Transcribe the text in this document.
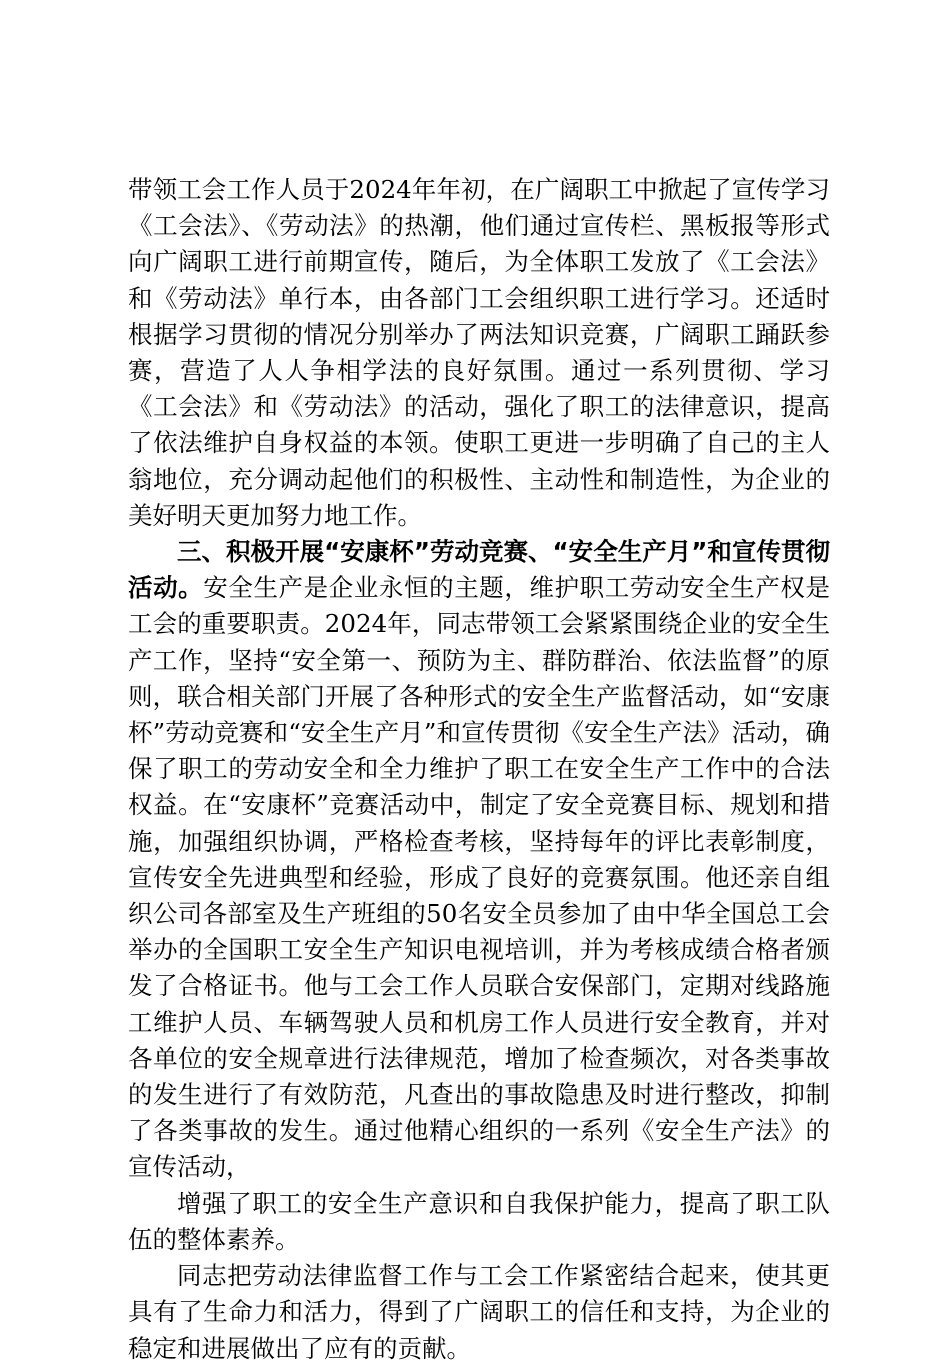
带领工会工作人员于2024年年初，在广阔职工中掀起了宣传学习《工会法》、《劳动法》的热潮，他们通过宣传栏、黑板报等形式向广阔职工进行前期宣传，随后，为全体职工发放了《工会法》和《劳动法》单行本，由各部门工会组织职工进行学习。还适时根据学习贯彻的情况分别举办了两法知识竞赛，广阔职工踊跃参赛，营造了人人争相学法的良好氛围。通过一系列贯彻、学习《工会法》和《劳动法》的活动，强化了职工的法律意识，提高了依法维护自身权益的本领。使职工更进一步明确了自己的主人翁地位，充分调动起他们的积极性、主动性和制造性，为企业的美好明天更加努力地工作。

三、积极开展“安康杯”劳动竞赛、“安全生产月”和宣传贯彻活动。安全生产是企业永恒的主题，维护职工劳动安全生产权是工会的重要职责。2024年，同志带领工会紧紧围绕企业的安全生产工作，坚持“安全第一、预防为主、群防群治、依法监督”的原则，联合相关部门开展了各种形式的安全生产监督活动，如“安康杯”劳动竞赛和“安全生产月”和宣传贯彻《安全生产法》活动，确保了职工的劳动安全和全力维护了职工在安全生产工作中的合法权益。在“安康杯”竞赛活动中，制定了安全竞赛目标、规划和措施，加强组织协调，严格检查考核，坚持每年的评比表彰制度，宣传安全先进典型和经验，形成了良好的竞赛氛围。他还亲自组织公司各部室及生产班组的50名安全员参加了由中华全国总工会举办的全国职工安全生产知识电视培训，并为考核成绩合格者颁发了合格证书。他与工会工作人员联合安保部门，定期对线路施工维护人员、车辆驾驶人员和机房工作人员进行安全教育，并对各单位的安全规章进行法律规范，增加了检查频次，对各类事故的发生进行了有效防范，凡查出的事故隐患及时进行整改，抑制了各类事故的发生。通过他精心组织的一系列《安全生产法》的宣传活动，

增强了职工的安全生产意识和自我保护能力，提高了职工队伍的整体素养。

同志把劳动法律监督工作与工会工作紧密结合起来，使其更具有了生命力和活力，得到了广阔职工的信任和支持，为企业的稳定和进展做出了应有的贡献。
